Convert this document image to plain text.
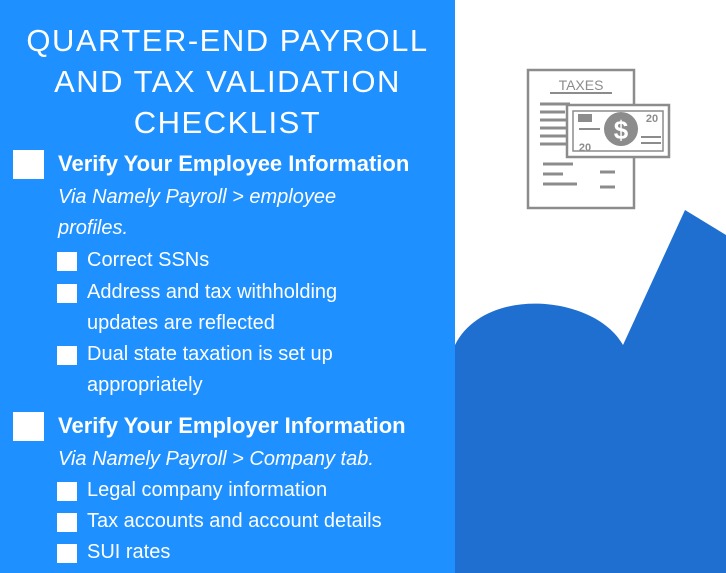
QUARTER-END PAYROLL
AND TAX VALIDATION
CHECKLIST
Verify Your Employee Information
Via Namely Payroll > employee
profiles.
Correct SSNs
Address and tax withholding
updates are reflected
Dual state taxation is set up
appropriately
Verify Your Employer Information
Via Namely Payroll > Company tab.
Legal company information
Tax accounts and account details
SUI rates
TAXES
20
20
$
